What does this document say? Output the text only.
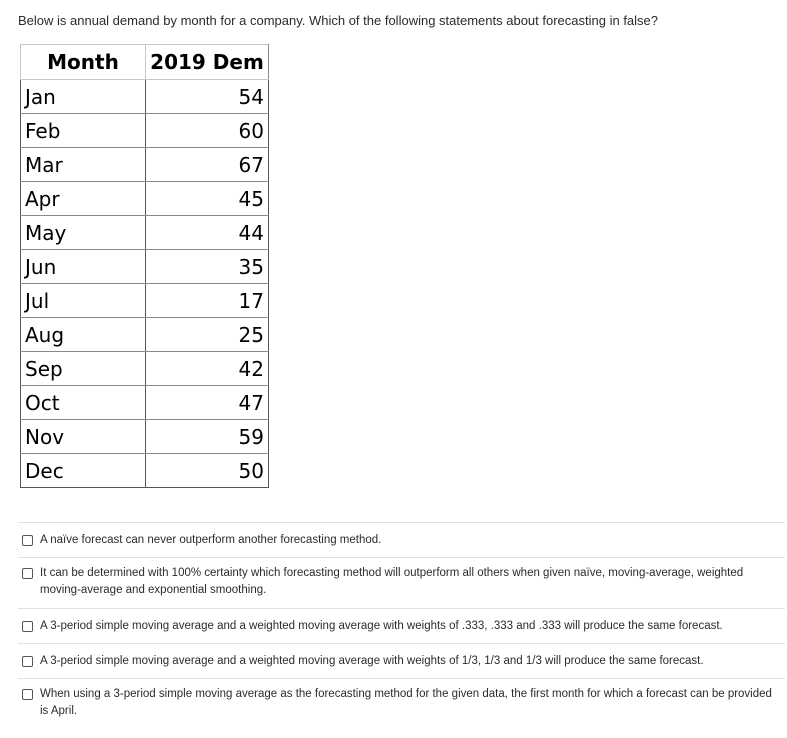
Below is annual demand by month for a company. Which of the following statements about forecasting in false?
Month	2019 Dem
Jan	54
Feb	60
Mar	67
Apr	45
May	44
Jun	35
Jul	17
Aug	25
Sep	42
Oct	47
Nov	59
Dec	50
A naïve forecast can never outperform another forecasting method.
It can be determined with 100% certainty which forecasting method will outperform all others when given naïve, moving-average, weighted moving-average and exponential smoothing.
A 3-period simple moving average and a weighted moving average with weights of .333, .333 and .333 will produce the same forecast.
A 3-period simple moving average and a weighted moving average with weights of 1/3, 1/3 and 1/3 will produce the same forecast.
When using a 3-period simple moving average as the forecasting method for the given data, the first month for which a forecast can be provided is April.
